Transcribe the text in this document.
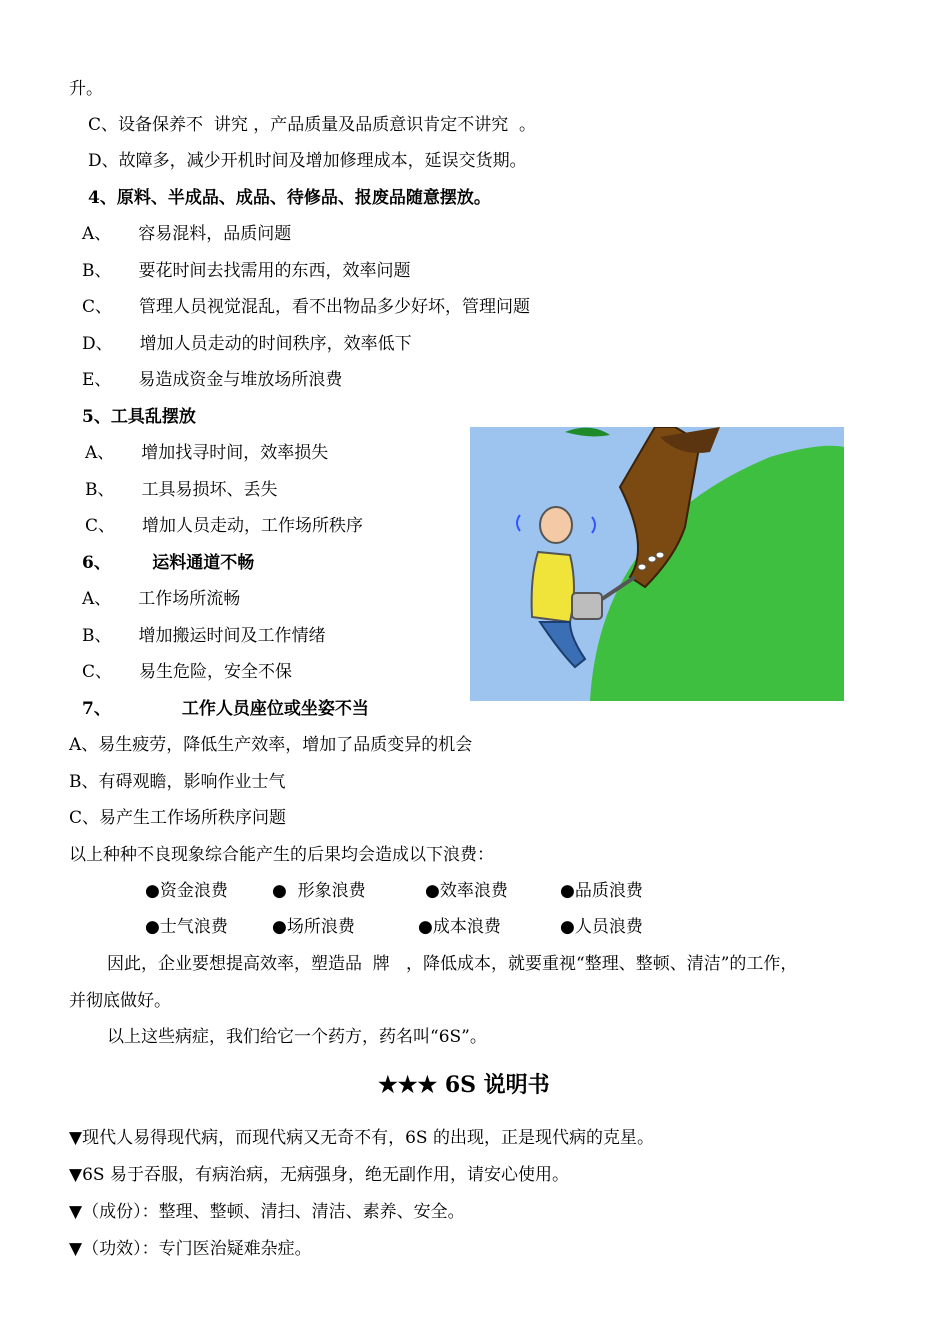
升。
C、设备保养不  讲究 ，产品质量及品质意识肯定不讲究  。
D、故障多，减少开机时间及增加修理成本，延误交货期。
4、原料、半成品、成品、待修品、报废品随意摆放。
A、     容易混料，品质问题
B、     要花时间去找需用的东西，效率问题
C、     管理人员视觉混乱，看不出物品多少好坏，管理问题
D、     增加人员走动的时间秩序，效率低下
E、     易造成资金与堆放场所浪费
5、工具乱摆放
A、     增加找寻时间，效率损失
B、     工具易损坏、丢失
C、     增加人员走动，工作场所秩序
6、       运料通道不畅
A、     工作场所流畅
B、     增加搬运时间及工作情绪
C、     易生危险，安全不保
7、            工作人员座位或坐姿不当
A、易生疲劳，降低生产效率，增加了品质变异的机会
B、有碍观瞻，影响作业士气
C、易产生工作场所秩序问题
以上种种不良现象综合能产生的后果均会造成以下浪费：
●资金浪费	●  形象浪费	●效率浪费	●品质浪费
●士气浪费	●场所浪费	●成本浪费	●人员浪费
因此，企业要想提高效率，塑造品  牌   ，降低成本，就要重视“整理、整顿、清洁”的工作，
并彻底做好。
以上这些病症，我们给它一个药方，药名叫“6S”。
★★★ 6S 说明书
▼现代人易得现代病，而现代病又无奇不有，6S 的出现，正是现代病的克星。
▼6S 易于吞服，有病治病，无病强身，绝无副作用，请安心使用。
▼（成份）：整理、整顿、清扫、清洁、素养、安全。
▼（功效）：专门医治疑难杂症。
